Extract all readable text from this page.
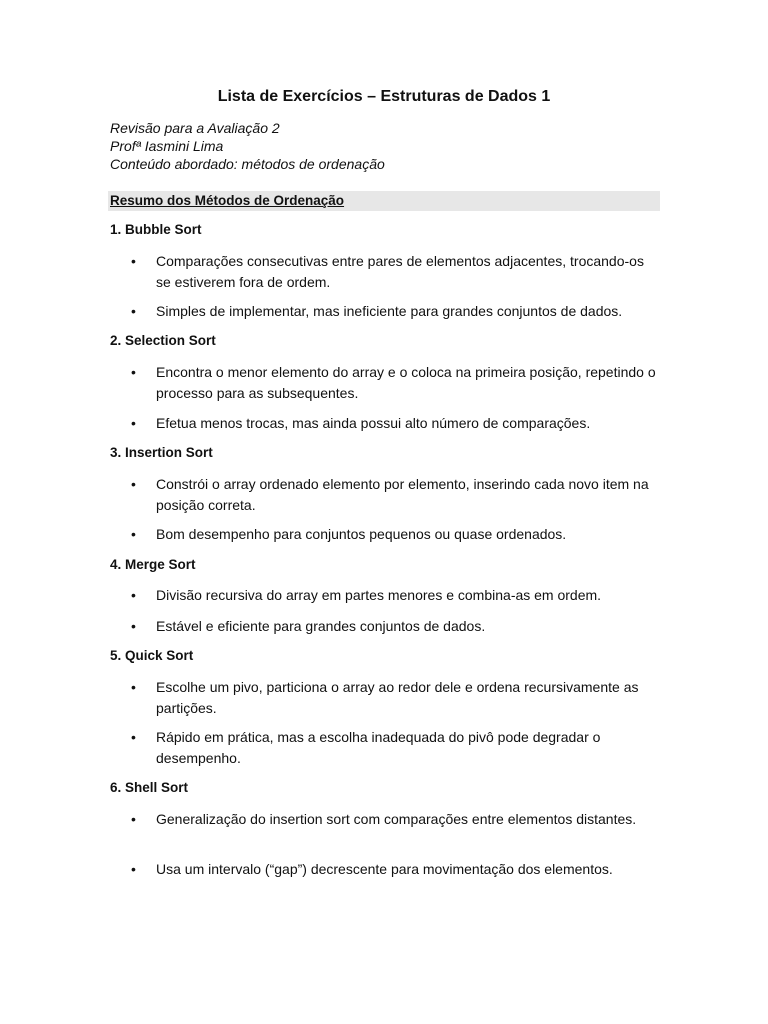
Lista de Exercícios – Estruturas de Dados 1
Revisão para a Avaliação 2
Profª Iasmini Lima
Conteúdo abordado: métodos de ordenação
Resumo dos Métodos de Ordenação
1. Bubble Sort
• Comparações consecutivas entre pares de elementos adjacentes, trocando-os se estiverem fora de ordem.
• Simples de implementar, mas ineficiente para grandes conjuntos de dados.
2. Selection Sort
• Encontra o menor elemento do array e o coloca na primeira posição, repetindo o processo para as subsequentes.
• Efetua menos trocas, mas ainda possui alto número de comparações.
3. Insertion Sort
• Constrói o array ordenado elemento por elemento, inserindo cada novo item na posição correta.
• Bom desempenho para conjuntos pequenos ou quase ordenados.
4. Merge Sort
• Divisão recursiva do array em partes menores e combina-as em ordem.
• Estável e eficiente para grandes conjuntos de dados.
5. Quick Sort
• Escolhe um pivo, particiona o array ao redor dele e ordena recursivamente as partições.
• Rápido em prática, mas a escolha inadequada do pivô pode degradar o desempenho.
6. Shell Sort
• Generalização do insertion sort com comparações entre elementos distantes.
• Usa um intervalo (“gap”) decrescente para movimentação dos elementos.
